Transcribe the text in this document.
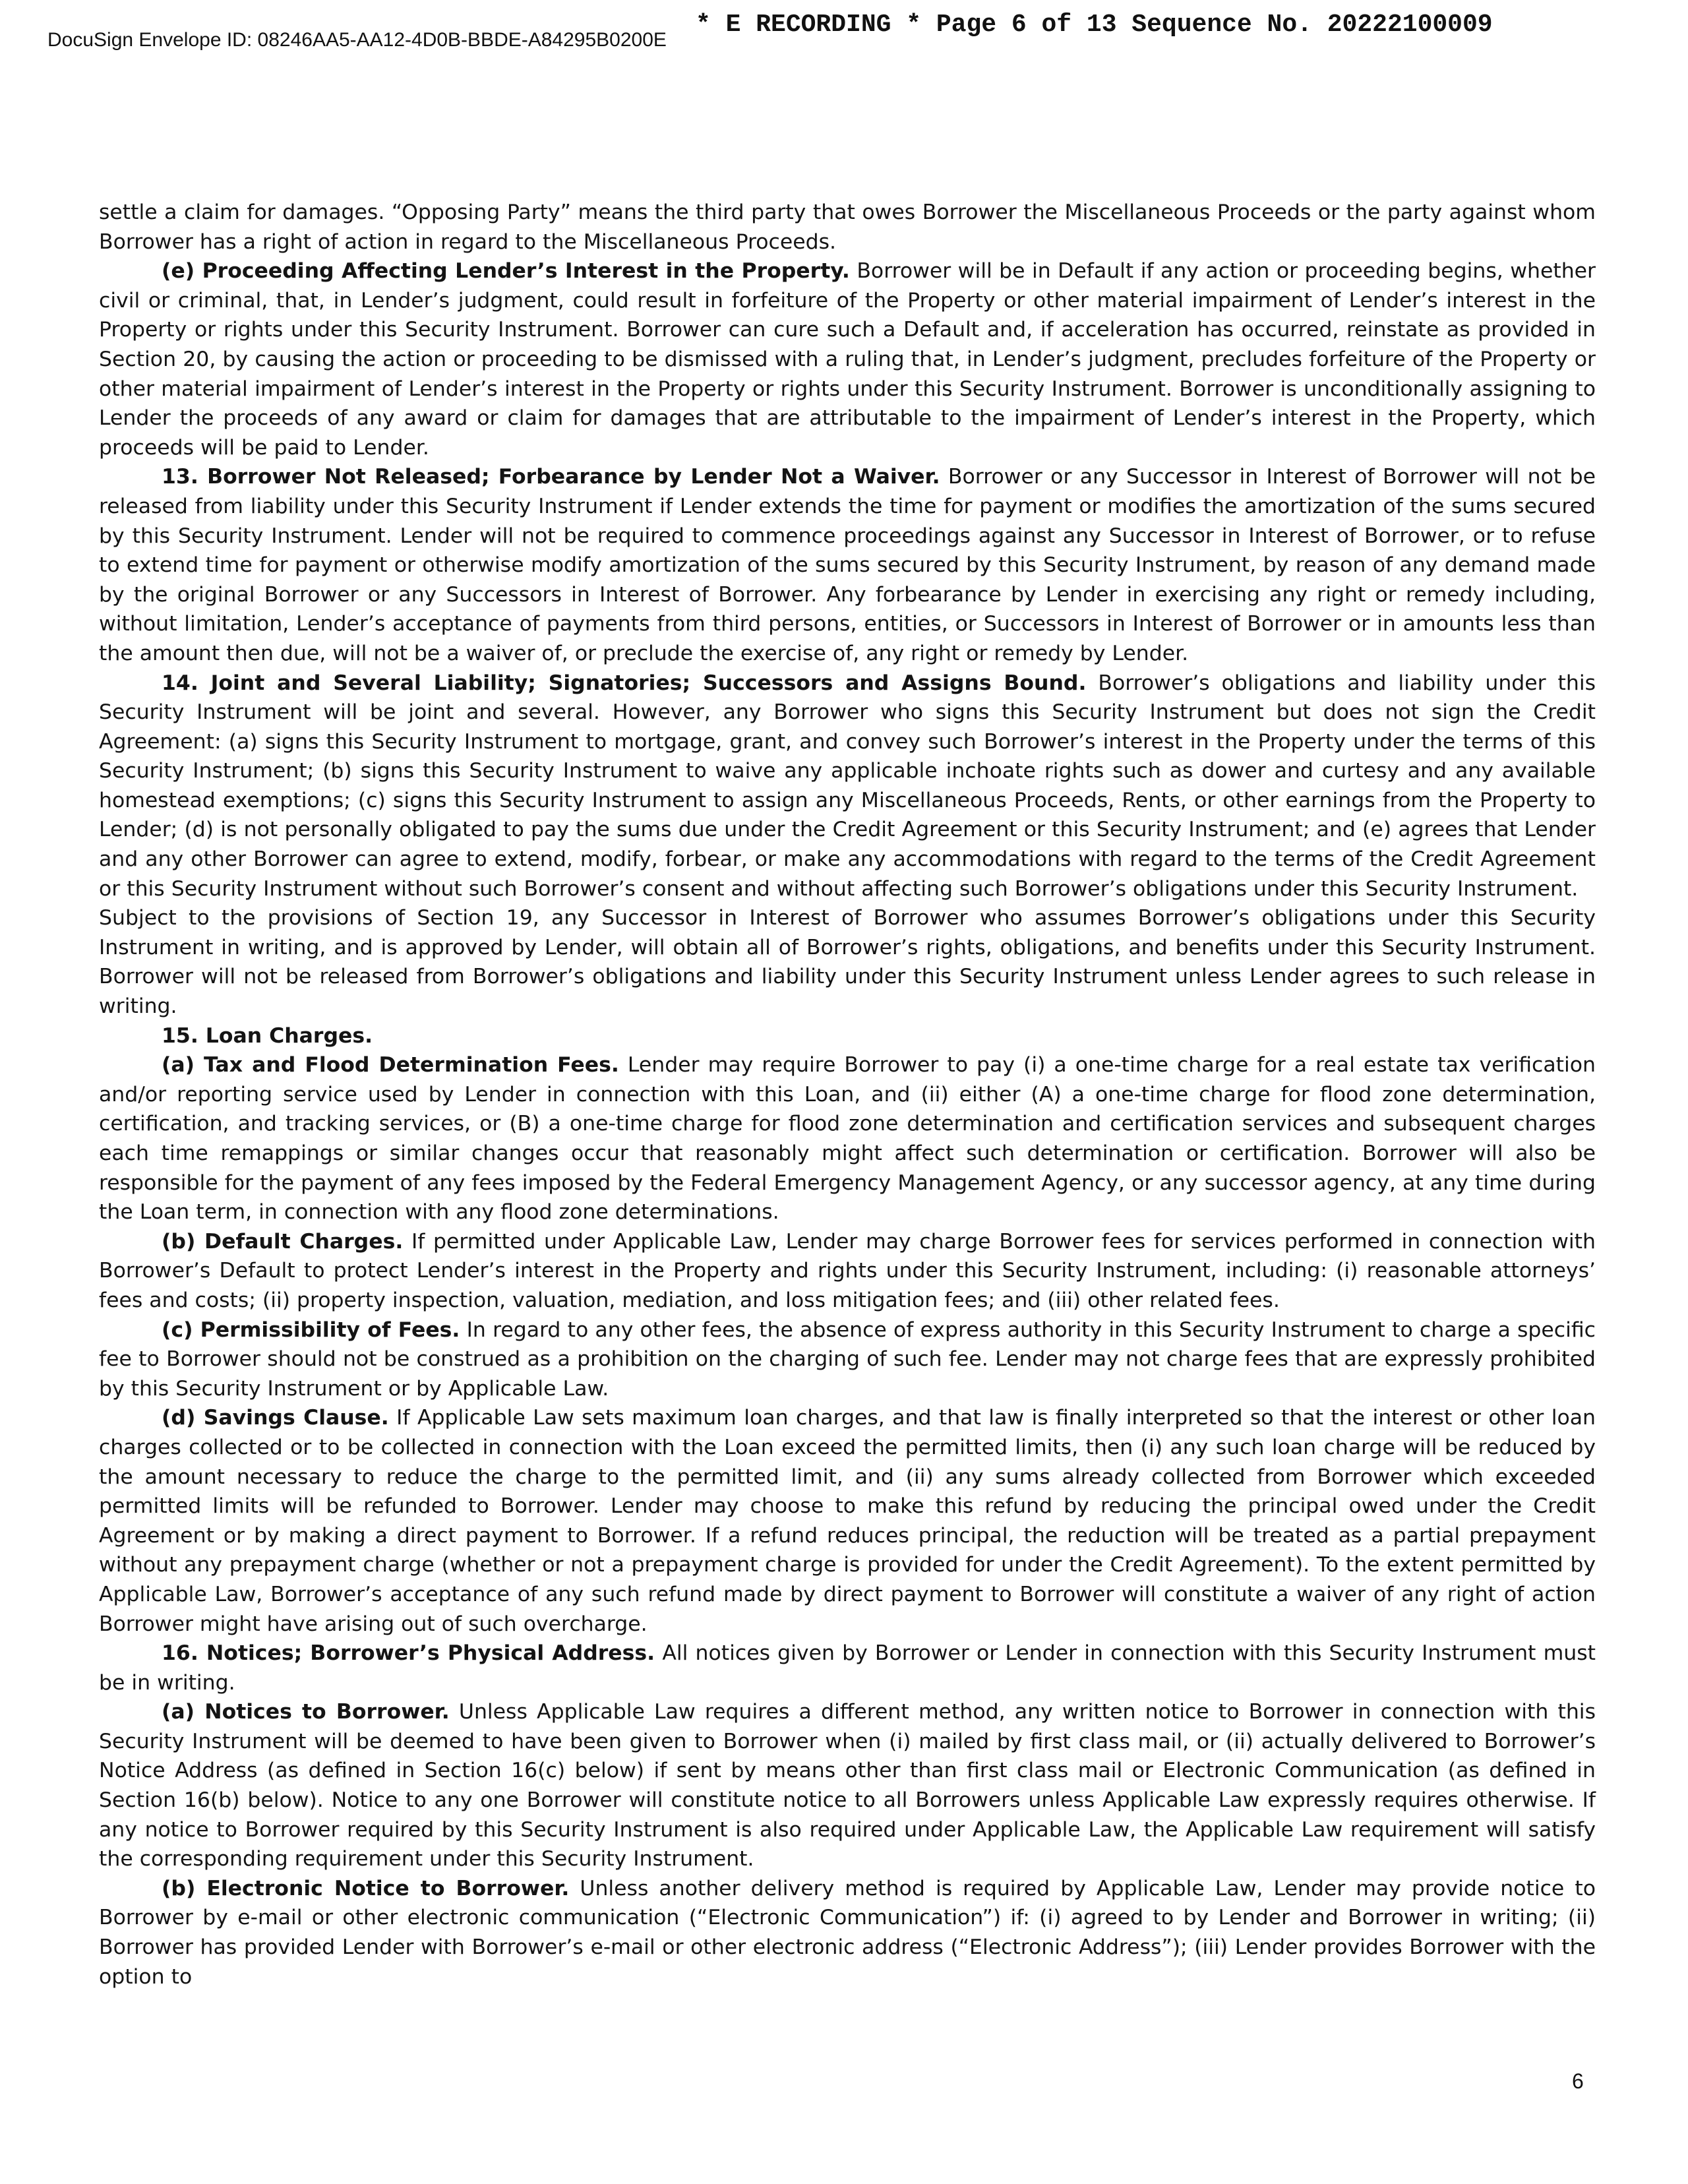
DocuSign Envelope ID: 08246AA5-AA12-4D0B-BBDE-A84295B0200E
* E RECORDING * Page 6 of 13 Sequence No. 20222100009

settle a claim for damages. “Opposing Party” means the third party that owes Borrower the Miscellaneous Proceeds or the party against whom Borrower has a right of action in regard to the Miscellaneous Proceeds.

(e) Proceeding Affecting Lender’s Interest in the Property. Borrower will be in Default if any action or proceeding begins, whether civil or criminal, that, in Lender’s judgment, could result in forfeiture of the Property or other material impairment of Lender’s interest in the Property or rights under this Security Instrument. Borrower can cure such a Default and, if acceleration has occurred, reinstate as provided in Section 20, by causing the action or proceeding to be dismissed with a ruling that, in Lender’s judgment, precludes forfeiture of the Property or other material impairment of Lender’s interest in the Property or rights under this Security Instrument. Borrower is unconditionally assigning to Lender the proceeds of any award or claim for damages that are attributable to the impairment of Lender’s interest in the Property, which proceeds will be paid to Lender.

13. Borrower Not Released; Forbearance by Lender Not a Waiver. Borrower or any Successor in Interest of Borrower will not be released from liability under this Security Instrument if Lender extends the time for payment or modifies the amortization of the sums secured by this Security Instrument. Lender will not be required to commence proceedings against any Successor in Interest of Borrower, or to refuse to extend time for payment or otherwise modify amortization of the sums secured by this Security Instrument, by reason of any demand made by the original Borrower or any Successors in Interest of Borrower. Any forbearance by Lender in exercising any right or remedy including, without limitation, Lender’s acceptance of payments from third persons, entities, or Successors in Interest of Borrower or in amounts less than the amount then due, will not be a waiver of, or preclude the exercise of, any right or remedy by Lender.

14. Joint and Several Liability; Signatories; Successors and Assigns Bound. Borrower’s obligations and liability under this Security Instrument will be joint and several. However, any Borrower who signs this Security Instrument but does not sign the Credit Agreement: (a) signs this Security Instrument to mortgage, grant, and convey such Borrower’s interest in the Property under the terms of this Security Instrument; (b) signs this Security Instrument to waive any applicable inchoate rights such as dower and curtesy and any available homestead exemptions; (c) signs this Security Instrument to assign any Miscellaneous Proceeds, Rents, or other earnings from the Property to Lender; (d) is not personally obligated to pay the sums due under the Credit Agreement or this Security Instrument; and (e) agrees that Lender and any other Borrower can agree to extend, modify, forbear, or make any accommodations with regard to the terms of the Credit Agreement or this Security Instrument without such Borrower’s consent and without affecting such Borrower’s obligations under this Security Instrument.

Subject to the provisions of Section 19, any Successor in Interest of Borrower who assumes Borrower’s obligations under this Security Instrument in writing, and is approved by Lender, will obtain all of Borrower’s rights, obligations, and benefits under this Security Instrument. Borrower will not be released from Borrower’s obligations and liability under this Security Instrument unless Lender agrees to such release in writing.

15. Loan Charges.

(a) Tax and Flood Determination Fees. Lender may require Borrower to pay (i) a one-time charge for a real estate tax verification and/or reporting service used by Lender in connection with this Loan, and (ii) either (A) a one-time charge for flood zone determination, certification, and tracking services, or (B) a one-time charge for flood zone determination and certification services and subsequent charges each time remappings or similar changes occur that reasonably might affect such determination or certification. Borrower will also be responsible for the payment of any fees imposed by the Federal Emergency Management Agency, or any successor agency, at any time during the Loan term, in connection with any flood zone determinations.

(b) Default Charges. If permitted under Applicable Law, Lender may charge Borrower fees for services performed in connection with Borrower’s Default to protect Lender’s interest in the Property and rights under this Security Instrument, including: (i) reasonable attorneys’ fees and costs; (ii) property inspection, valuation, mediation, and loss mitigation fees; and (iii) other related fees.

(c) Permissibility of Fees. In regard to any other fees, the absence of express authority in this Security Instrument to charge a specific fee to Borrower should not be construed as a prohibition on the charging of such fee. Lender may not charge fees that are expressly prohibited by this Security Instrument or by Applicable Law.

(d) Savings Clause. If Applicable Law sets maximum loan charges, and that law is finally interpreted so that the interest or other loan charges collected or to be collected in connection with the Loan exceed the permitted limits, then (i) any such loan charge will be reduced by the amount necessary to reduce the charge to the permitted limit, and (ii) any sums already collected from Borrower which exceeded permitted limits will be refunded to Borrower. Lender may choose to make this refund by reducing the principal owed under the Credit Agreement or by making a direct payment to Borrower. If a refund reduces principal, the reduction will be treated as a partial prepayment without any prepayment charge (whether or not a prepayment charge is provided for under the Credit Agreement). To the extent permitted by Applicable Law, Borrower’s acceptance of any such refund made by direct payment to Borrower will constitute a waiver of any right of action Borrower might have arising out of such overcharge.

16. Notices; Borrower’s Physical Address. All notices given by Borrower or Lender in connection with this Security Instrument must be in writing.

(a) Notices to Borrower. Unless Applicable Law requires a different method, any written notice to Borrower in connection with this Security Instrument will be deemed to have been given to Borrower when (i) mailed by first class mail, or (ii) actually delivered to Borrower’s Notice Address (as defined in Section 16(c) below) if sent by means other than first class mail or Electronic Communication (as defined in Section 16(b) below). Notice to any one Borrower will constitute notice to all Borrowers unless Applicable Law expressly requires otherwise. If any notice to Borrower required by this Security Instrument is also required under Applicable Law, the Applicable Law requirement will satisfy the corresponding requirement under this Security Instrument.

(b) Electronic Notice to Borrower. Unless another delivery method is required by Applicable Law, Lender may provide notice to Borrower by e-mail or other electronic communication (“Electronic Communication”) if: (i) agreed to by Lender and Borrower in writing; (ii) Borrower has provided Lender with Borrower’s e-mail or other electronic address (“Electronic Address”); (iii) Lender provides Borrower with the option to

6
